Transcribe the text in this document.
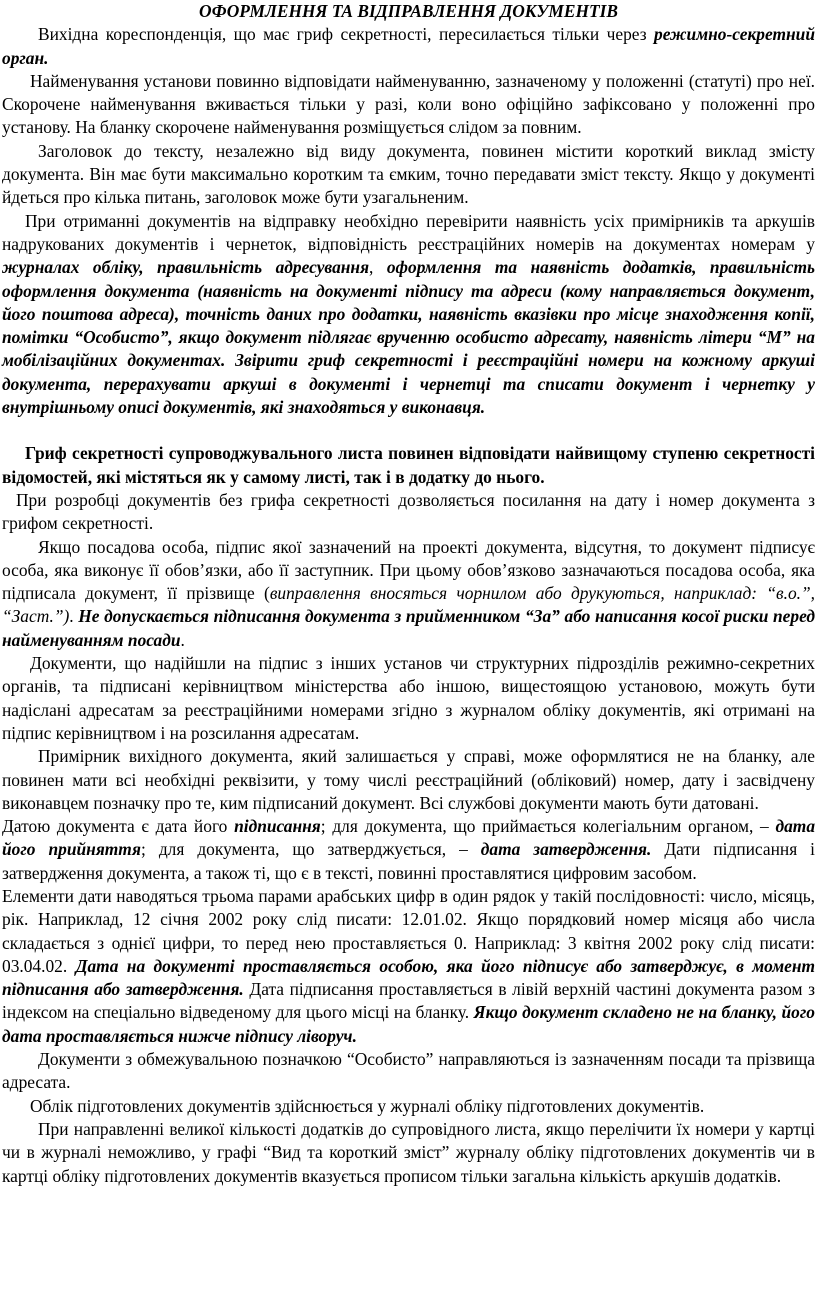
ОФОРМЛЕННЯ ТА ВІДПРАВЛЕННЯ ДОКУМЕНТІВ

Вихідна кореспонденція, що має гриф секретності, пересилається тільки через режимно-секретний орган.

Найменування установи повинно відповідати найменуванню, зазначеному у положенні (статуті) про неї. Скорочене найменування вживається тільки у разі, коли воно офіційно зафіксовано у положенні про установу. На бланку скорочене найменування розміщується слідом за повним.

Заголовок до тексту, незалежно від виду документа, повинен містити короткий виклад змісту документа. Він має бути максимально коротким та ємким, точно передавати зміст тексту. Якщо у документі йдеться про кілька питань, заголовок може бути узагальненим.

При отриманні документів на відправку необхідно перевірити наявність усіх примірників та аркушів надрукованих документів і чернеток, відповідність реєстраційних номерів на документах номерам у журналах обліку, правильність адресування, оформлення та наявність додатків, правильність оформлення документа (наявність на документі підпису та адреси (кому направляється документ, його поштова адреса), точність даних про додатки, наявність вказівки про місце знаходження копії, помітки “Особисто”, якщо документ підлягає врученню особисто адресату, наявність літери “М” на мобілізаційних документах. Звірити гриф секретності і реєстраційні номери на кожному аркуші документа, перерахувати аркуші в документі і чернетці та списати документ і чернетку у внутрішньому описі документів, які знаходяться у виконавця.

Гриф секретності супроводжувального листа повинен відповідати найвищому ступеню секретності відомостей, які містяться як у самому листі, так і в додатку до нього.

При розробці документів без грифа секретності дозволяється посилання на дату і номер документа з грифом секретності.

Якщо посадова особа, підпис якої зазначений на проекті документа, відсутня, то документ підписує особа, яка виконує її обов’язки, або її заступник. При цьому обов’язково зазначаються посадова особа, яка підписала документ, її прізвище (виправлення вносяться чорнилом або друкуються, наприклад: “в.о.”, “Заст.”). Не допускається підписання документа з прийменником “За” або написання косої риски перед найменуванням посади.

Документи, що надійшли на підпис з інших установ чи структурних підрозділів режимно-секретних органів, та підписані керівництвом міністерства або іншою, вищестоящою установою, можуть бути надіслані адресатам за реєстраційними номерами згідно з журналом обліку документів, які отримані на підпис керівництвом і на розсилання адресатам.

Примірник вихідного документа, який залишається у справі, може оформлятися не на бланку, але повинен мати всі необхідні реквізити, у тому числі реєстраційний (обліковий) номер, дату і засвідчену виконавцем позначку про те, ким підписаний документ. Всі службові документи мають бути датовані.

Датою документа є дата його підписання; для документа, що приймається колегіальним органом, – дата його прийняття; для документа, що затверджується, – дата затвердження. Дати підписання і затвердження документа, а також ті, що є в тексті, повинні проставлятися цифровим засобом.

Елементи дати наводяться трьома парами арабських цифр в один рядок у такій послідовності: число, місяць, рік. Наприклад, 12 січня 2002 року слід писати: 12.01.02. Якщо порядковий номер місяця або числа складається з однієї цифри, то перед нею проставляється 0. Наприклад: 3 квітня 2002 року слід писати: 03.04.02. Дата на документі проставляється особою, яка його підписує або затверджує, в момент підписання або затвердження. Дата підписання проставляється в лівій верхній частині документа разом з індексом на спеціально відведеному для цього місці на бланку. Якщо документ складено не на бланку, його дата проставляється нижче підпису ліворуч.

Документи з обмежувальною позначкою “Особисто” направляються із зазначенням посади та прізвища адресата.

Облік підготовлених документів здійснюється у журналі обліку підготовлених документів.

При направленні великої кількості додатків до супровідного листа, якщо перелічити їх номери у картці чи в журналі неможливо, у графі “Вид та короткий зміст” журналу обліку підготовлених документів чи в картці обліку підготовлених документів вказується прописом тільки загальна кількість аркушів додатків.
